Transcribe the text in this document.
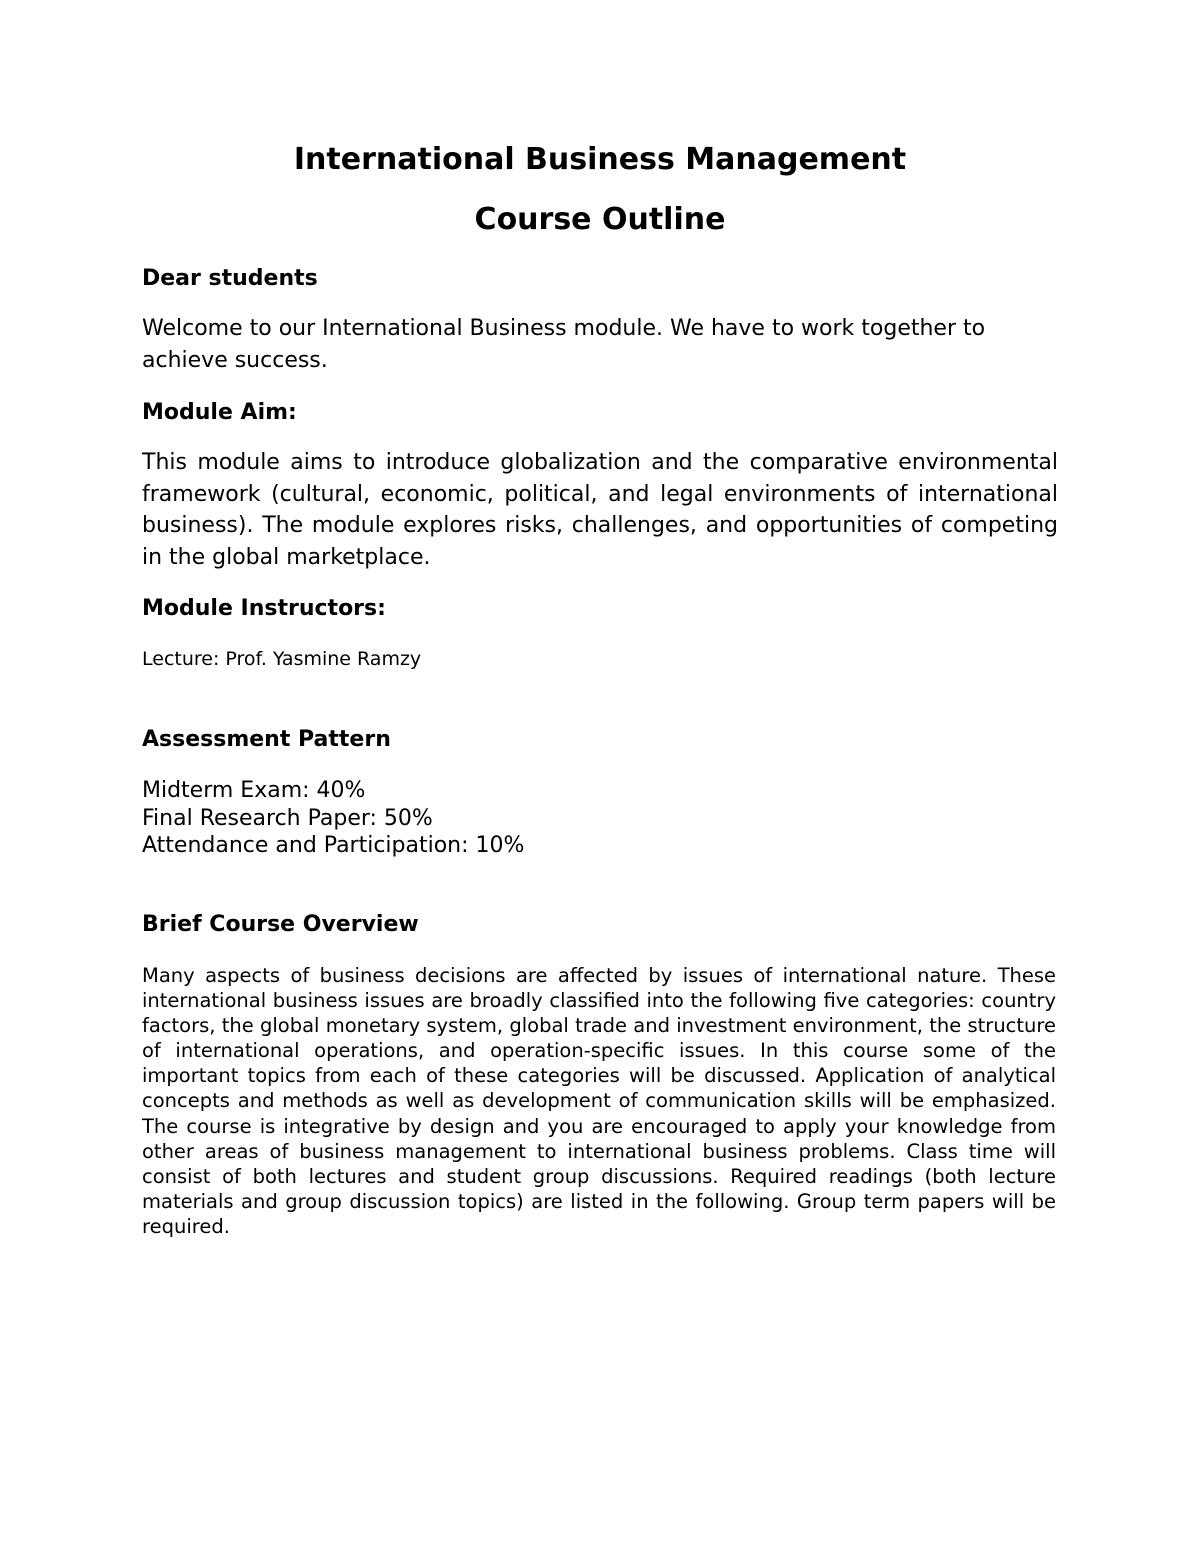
International Business Management
Course Outline

Dear students

Welcome to our International Business module. We have to work together to achieve success.

Module Aim:

This module aims to introduce globalization and the comparative environmental framework (cultural, economic, political, and legal environments of international business). The module explores risks, challenges, and opportunities of competing in the global marketplace.

Module Instructors:

Lecture: Prof. Yasmine Ramzy

Assessment Pattern

Midterm Exam: 40%

Final Research Paper: 50%

Attendance and Participation: 10%

Brief Course Overview

Many aspects of business decisions are affected by issues of international nature. These international business issues are broadly classified into the following five categories: country factors, the global monetary system, global trade and investment environment, the structure of international operations, and operation-specific issues. In this course some of the important topics from each of these categories will be discussed. Application of analytical concepts and methods as well as development of communication skills will be emphasized. The course is integrative by design and you are encouraged to apply your knowledge from other areas of business management to international business problems. Class time will consist of both lectures and student group discussions. Required readings (both lecture materials and group discussion topics) are listed in the following. Group term papers will be required.
